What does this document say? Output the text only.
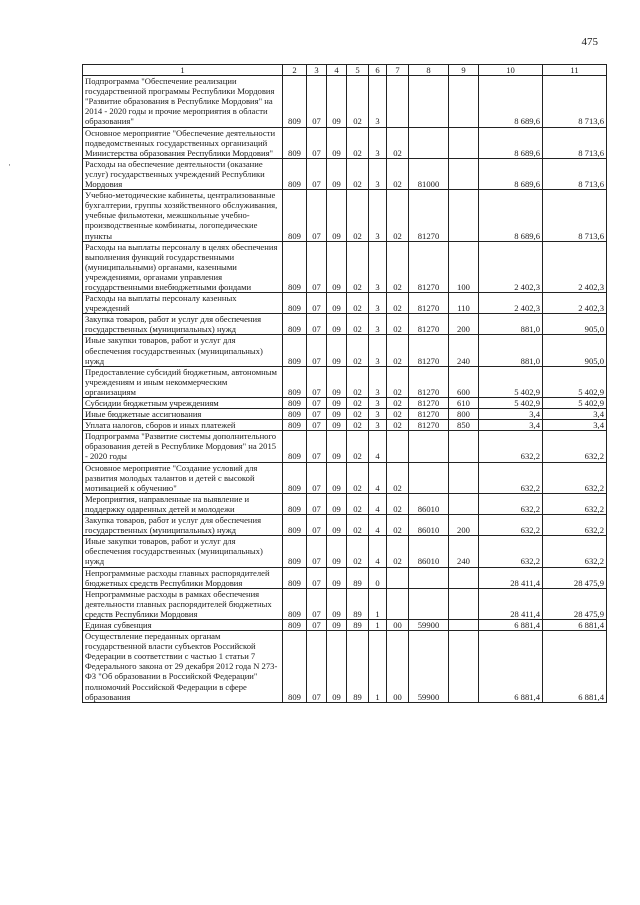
475
·
1	2	3	4	5	6	7	8	9	10	11
Подпрограмма "Обеспечение реализации государственной программы Республики Мордовия "Развитие образования в Республике Мордовия" на 2014 - 2020 годы и прочие мероприятия в области образования"	809	07	09	02	3				8 689,6	8 713,6
Основное мероприятие "Обеспечение деятельности подведомственных государственных организаций Министерства образования Республики Мордовия"	809	07	09	02	3	02			8 689,6	8 713,6
Расходы на обеспечение деятельности (оказание услуг) государственных учреждений Республики Мордовия	809	07	09	02	3	02	81000		8 689,6	8 713,6
Учебно-методические кабинеты, централизованные бухгалтерии, группы хозяйственного обслуживания, учебные фильмотеки, межшкольные учебно-производственные комбинаты, логопедические пункты	809	07	09	02	3	02	81270		8 689,6	8 713,6
Расходы на выплаты персоналу в целях обеспечения выполнения функций государственными (муниципальными) органами, казенными учреждениями, органами управления государственными внебюджетными фондами	809	07	09	02	3	02	81270	100	2 402,3	2 402,3
Расходы на выплаты персоналу казенных учреждений	809	07	09	02	3	02	81270	110	2 402,3	2 402,3
Закупка товаров, работ и услуг для обеспечения государственных (муниципальных) нужд	809	07	09	02	3	02	81270	200	881,0	905,0
Иные закупки товаров, работ и услуг для обеспечения государственных (муниципальных) нужд	809	07	09	02	3	02	81270	240	881,0	905,0
Предоставление субсидий бюджетным, автономным учреждениям и иным некоммерческим организациям	809	07	09	02	3	02	81270	600	5 402,9	5 402,9
Субсидии бюджетным учреждениям	809	07	09	02	3	02	81270	610	5 402,9	5 402,9
Иные бюджетные ассигнования	809	07	09	02	3	02	81270	800	3,4	3,4
Уплата налогов, сборов и иных платежей	809	07	09	02	3	02	81270	850	3,4	3,4
Подпрограмма "Развитие системы дополнительного образования детей в Республике Мордовия" на 2015 - 2020 годы	809	07	09	02	4				632,2	632,2
Основное мероприятие "Создание условий для развития молодых талантов и детей с высокой мотивацией к обучению"	809	07	09	02	4	02			632,2	632,2
Мероприятия, направленные на выявление и поддержку одаренных детей и молодежи	809	07	09	02	4	02	86010		632,2	632,2
Закупка товаров, работ и услуг для обеспечения государственных (муниципальных) нужд	809	07	09	02	4	02	86010	200	632,2	632,2
Иные закупки товаров, работ и услуг для обеспечения государственных (муниципальных) нужд	809	07	09	02	4	02	86010	240	632,2	632,2
Непрограммные расходы главных распорядителей бюджетных средств Республики Мордовия	809	07	09	89	0				28 411,4	28 475,9
Непрограммные расходы в рамках обеспечения деятельности главных распорядителей бюджетных средств Республики Мордовия	809	07	09	89	1				28 411,4	28 475,9
Единая субвенция	809	07	09	89	1	00	59900		6 881,4	6 881,4
Осуществление переданных органам государственной власти субъектов Российской Федерации в соответствии с частью 1 статьи 7 Федерального закона от 29 декабря 2012 года N 273-ФЗ "Об образовании в Российской Федерации" полномочий Российской Федерации в сфере образования	809	07	09	89	1	00	59900		6 881,4	6 881,4
